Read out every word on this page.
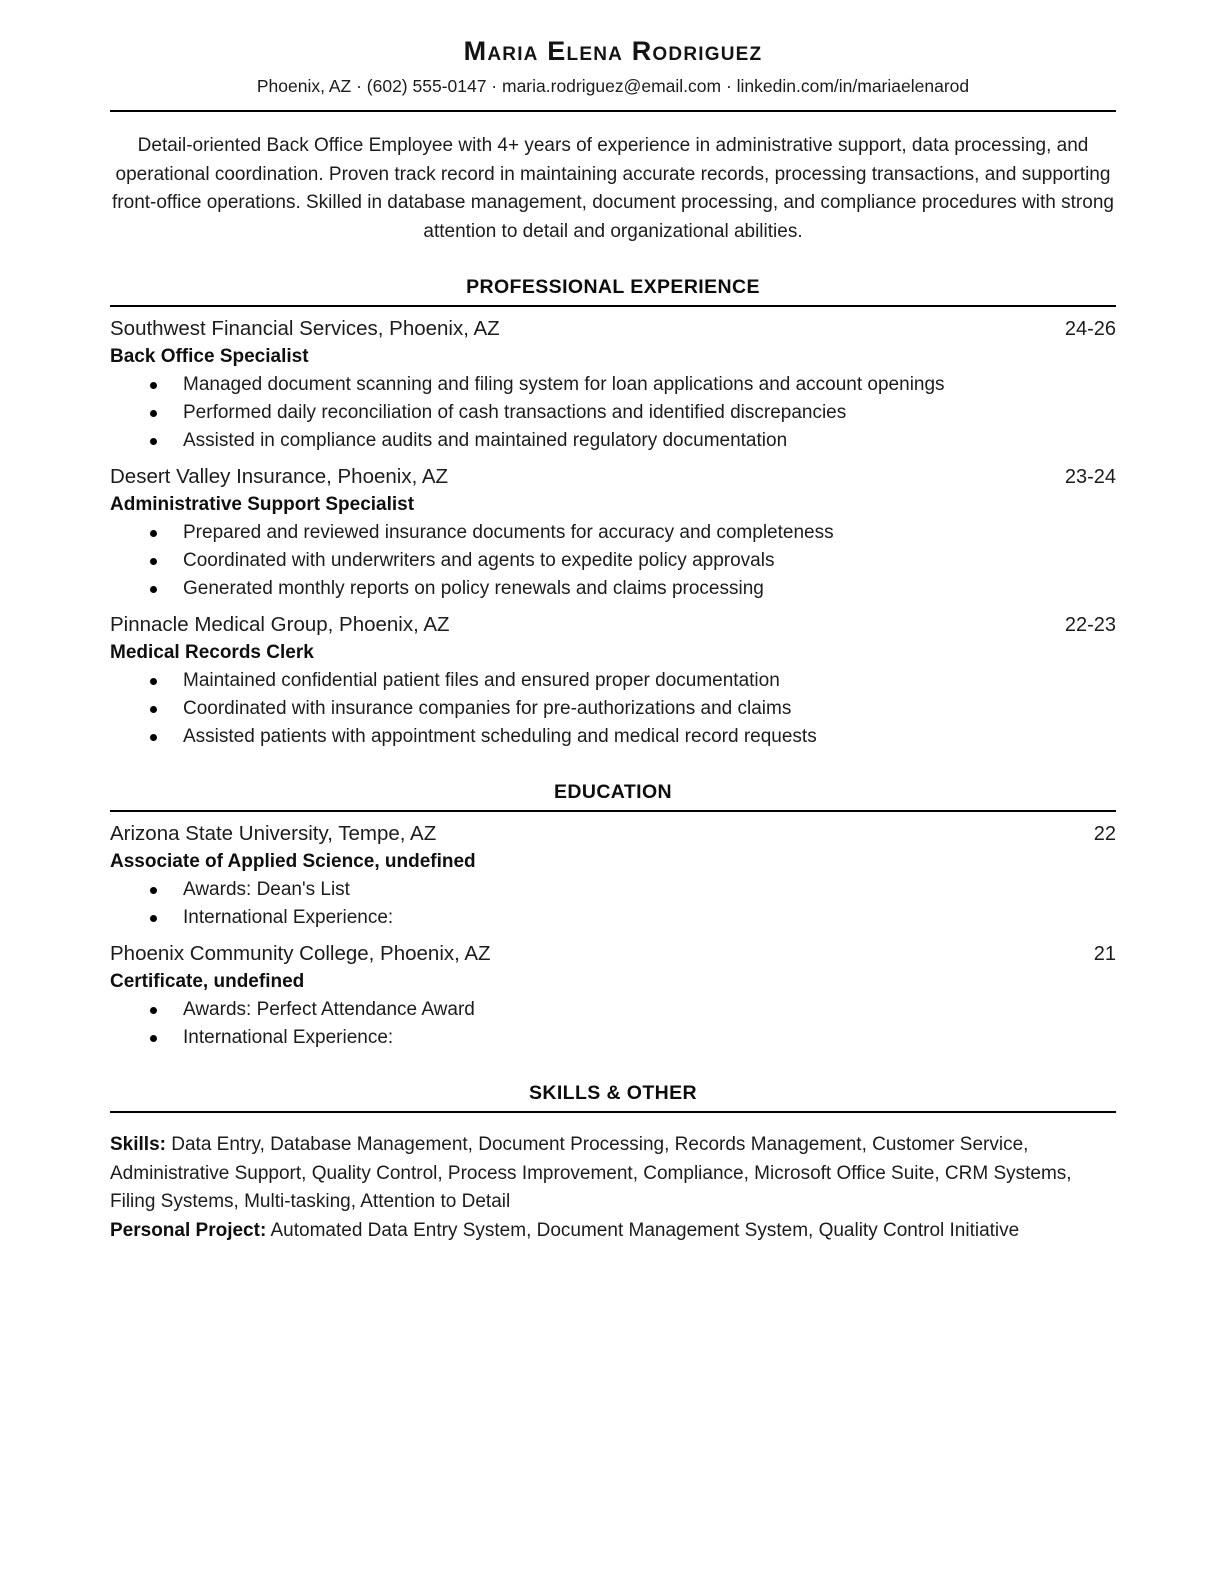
Maria Elena Rodriguez
Phoenix, AZ · (602) 555-0147 · maria.rodriguez@email.com · linkedin.com/in/mariaelenarod

Detail-oriented Back Office Employee with 4+ years of experience in administrative support, data processing, and operational coordination. Proven track record in maintaining accurate records, processing transactions, and supporting front-office operations. Skilled in database management, document processing, and compliance procedures with strong attention to detail and organizational abilities.

PROFESSIONAL EXPERIENCE
Southwest Financial Services, Phoenix, AZ	24-26
Back Office Specialist
Managed document scanning and filing system for loan applications and account openings
Performed daily reconciliation of cash transactions and identified discrepancies
Assisted in compliance audits and maintained regulatory documentation
Desert Valley Insurance, Phoenix, AZ	23-24
Administrative Support Specialist
Prepared and reviewed insurance documents for accuracy and completeness
Coordinated with underwriters and agents to expedite policy approvals
Generated monthly reports on policy renewals and claims processing
Pinnacle Medical Group, Phoenix, AZ	22-23
Medical Records Clerk
Maintained confidential patient files and ensured proper documentation
Coordinated with insurance companies for pre-authorizations and claims
Assisted patients with appointment scheduling and medical record requests
EDUCATION
Arizona State University, Tempe, AZ	22
Associate of Applied Science, undefined
Awards: Dean's List
International Experience:
Phoenix Community College, Phoenix, AZ	21
Certificate, undefined
Awards: Perfect Attendance Award
International Experience:
SKILLS & OTHER

Skills: Data Entry, Database Management, Document Processing, Records Management, Customer Service, Administrative Support, Quality Control, Process Improvement, Compliance, Microsoft Office Suite, CRM Systems, Filing Systems, Multi-tasking, Attention to Detail

Personal Project: Automated Data Entry System, Document Management System, Quality Control Initiative
